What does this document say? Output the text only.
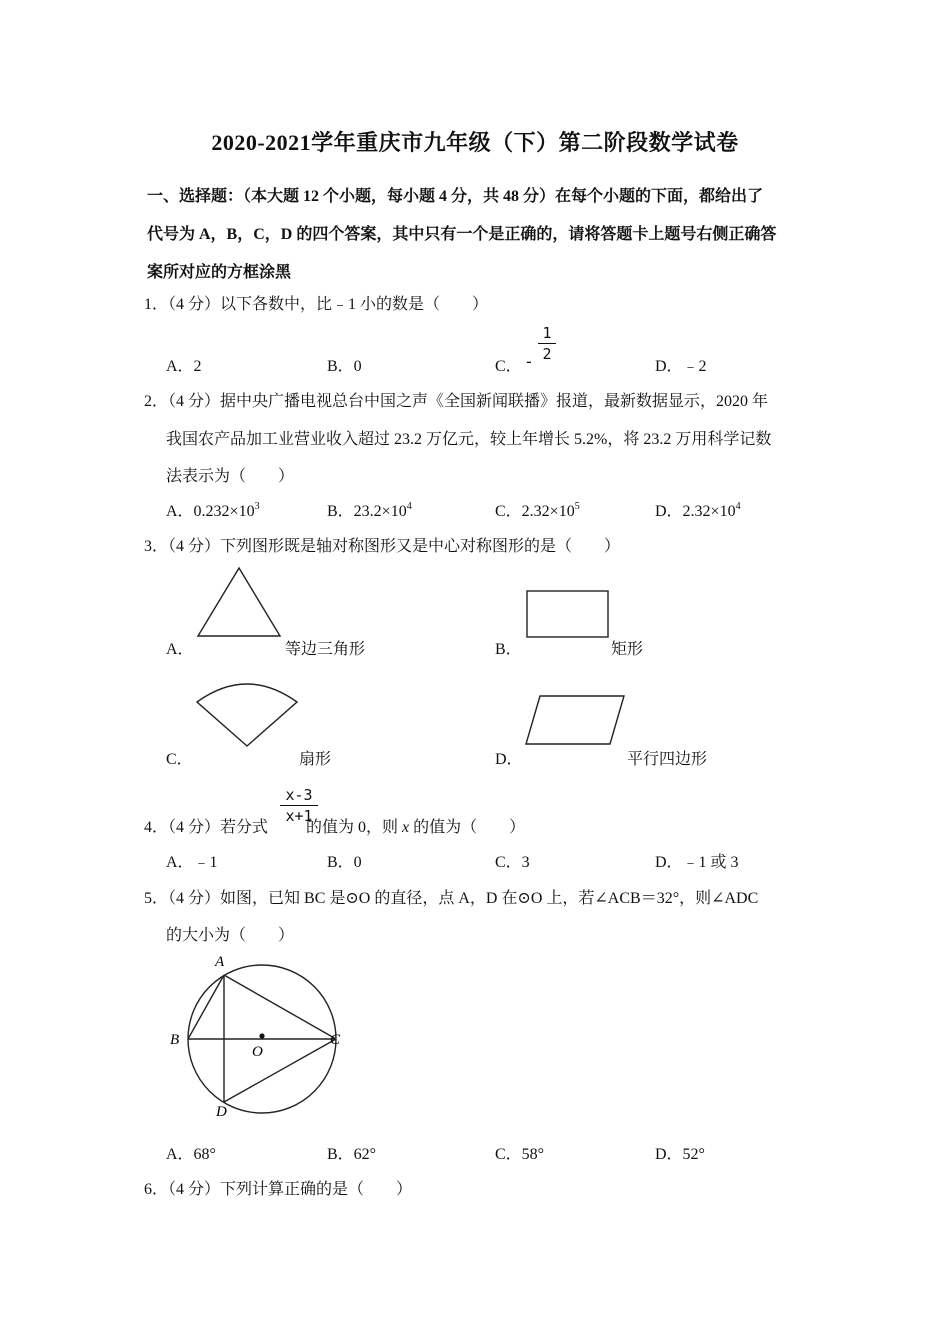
2020-2021学年重庆市九年级（下）第二阶段数学试卷
一、选择题：（本大题 12 个小题，每小题 4 分，共 48 分）在每个小题的下面，都给出了
代号为 A，B，C，D 的四个答案，其中只有一个是正确的，请将答题卡上题号右侧正确答
案所对应的方框涂黑
1．（4 分）以下各数中，比﹣1 小的数是（　　）
A．2	B．0	C． -
1
2
D．﹣2
2．（4 分）据中央广播电视总台中国之声《全国新闻联播》报道，最新数据显示，2020 年
我国农产品加工业营业收入超过 23.2 万亿元，较上年增长 5.2%，将 23.2 万用科学记数
法表示为（　　）
A．$0.232\times 10^3$	B．$23.2\times 10^4$	C．$2.32\times 10^5$	D．$2.32\times 10^4$
3．（4 分）下列图形既是轴对称图形又是中心对称图形的是（　　）
A．	等边三角形	B．	矩形
C．	扇形	D．	平行四边形
4．（4 分）若分式 的值为 0，则 x 的值为（　　）
x-3
x+1
A．﹣1	B．0	C．3	D．﹣1 或 3
5．（4 分）如图，已知 BC 是⊙O 的直径，点 A，D 在⊙O 上，若∠ACB＝32°，则∠ADC
的大小为（　　）
A
B	C
D
O
A．68°	B．62°	C．58°	D．52°
6．（4 分）下列计算正确的是（　　）
